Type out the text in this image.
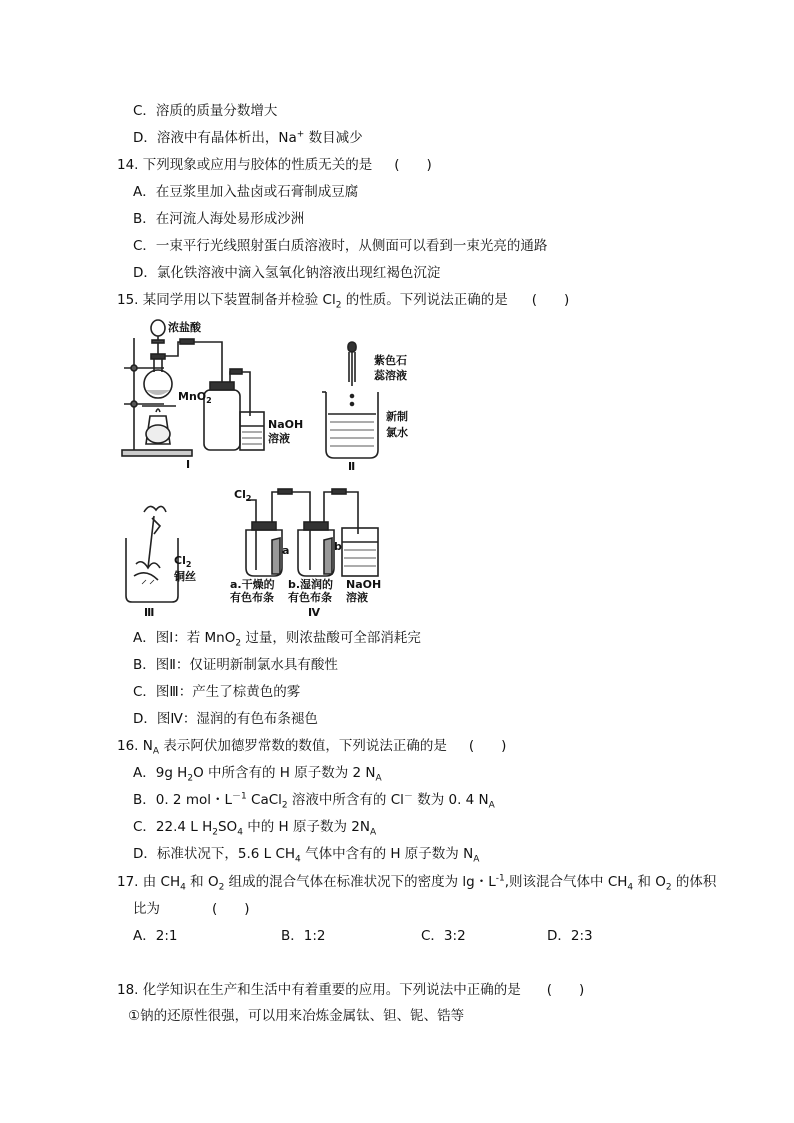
C．溶质的质量分数增大
D．溶液中有晶体析出，Na+ 数目减少
14. 下列现象或应用与胶体的性质无关的是 (　　)
A．在豆浆里加入盐卤或石膏制成豆腐
B．在河流人海处易形成沙洲
C．一束平行光线照射蛋白质溶液时，从侧面可以看到一束光亮的通路
D．氯化铁溶液中滴入氢氧化钠溶液出现红褐色沉淀
15. 某同学用以下装置制备并检验 $Cl_2$ 的性质。下列说法正确的是 (　　)
浓盐酸
MnO$_2$
NaOH
溶液
Ⅰ
紫色石
蕊溶液
新制
氯水
Ⅱ
$Cl_2$
铜丝
Ⅲ
$Cl_2$
a	b
a.干燥的
有色布条
b.湿润的
有色布条
NaOH
溶液
Ⅳ
A．图Ⅰ：若 MnO$_2$ 过量，则浓盐酸可全部消耗完
B．图Ⅱ：仅证明新制氯水具有酸性
C．图Ⅲ：产生了棕黄色的雾
D．图Ⅳ：湿润的有色布条褪色
16. $N_A$ 表示阿伏加德罗常数的数值，下列说法正确的是 (　　)
A．9g $H_2O$ 中所含有的 H 原子数为 2 $N_A$
B．0. 2 mol・$L^{-1}$ CaCl$_2$ 溶液中所含有的 Cl－ 数为 0. 4 $N_A$
C．22.4 L $H_2SO_4$ 中的 H 原子数为 $2N_A$
D．标准状况下，5.6 L $CH_4$ 气体中含有的 H 原子数为 $N_A$
17. 由 $CH_4$ 和 $O_2$ 组成的混合气体在标准状况下的密度为 lg・$L^{-1}$,则该混合气体中 $CH_4$ 和 $O_2$ 的体积
比为	(　　)
A．2:1	B．1:2	C．3:2	D．2:3
18. 化学知识在生产和生活中有着重要的应用。下列说法中正确的是 (　　)
①钠的还原性很强，可以用来冶炼金属钛、钽、铌、锆等
